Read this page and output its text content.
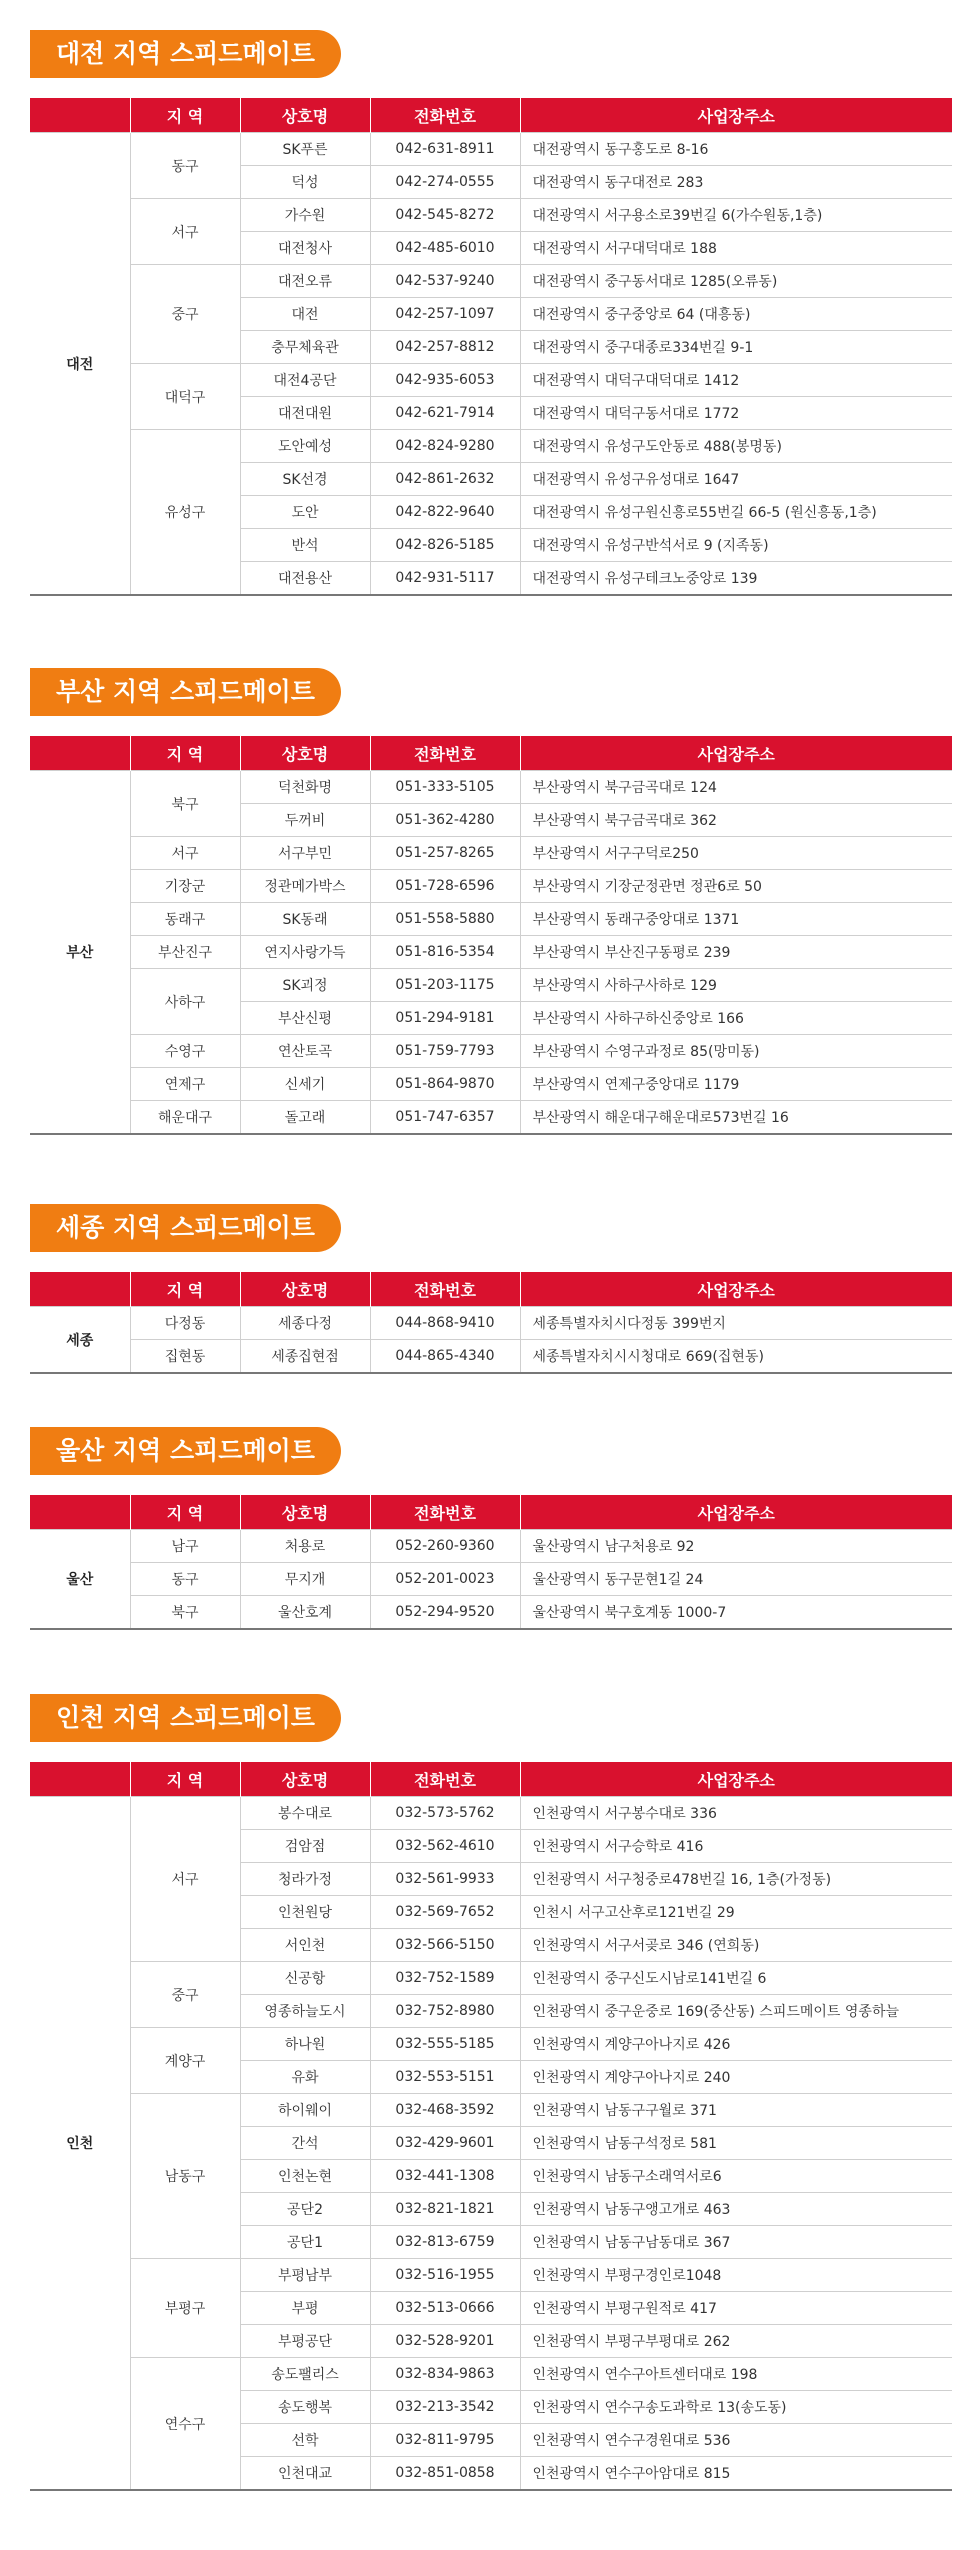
대전 지역 스피드메이트
	지 역	상호명	전화번호	사업장주소
대전	동구	SK푸른	042-631-8911	대전광역시 동구홍도로 8-16
		덕성	042-274-0555	대전광역시 동구대전로 283
	서구	가수원	042-545-8272	대전광역시 서구용소로39번길 6(가수원동,1층)
		대전청사	042-485-6010	대전광역시 서구대덕대로 188
	중구	대전오류	042-537-9240	대전광역시 중구동서대로 1285(오류동)
		대전	042-257-1097	대전광역시 중구중앙로 64 (대흥동)
		충무체육관	042-257-8812	대전광역시 중구대종로334번길 9-1
	대덕구	대전4공단	042-935-6053	대전광역시 대덕구대덕대로 1412
		대전대원	042-621-7914	대전광역시 대덕구동서대로 1772
	유성구	도안예성	042-824-9280	대전광역시 유성구도안동로 488(봉명동)
		SK선경	042-861-2632	대전광역시 유성구유성대로 1647
		도안	042-822-9640	대전광역시 유성구원신흥로55번길 66-5 (원신흥동,1층)
		반석	042-826-5185	대전광역시 유성구반석서로 9 (지족동)
		대전용산	042-931-5117	대전광역시 유성구테크노중앙로 139
부산 지역 스피드메이트
	지 역	상호명	전화번호	사업장주소
부산	북구	덕천화명	051-333-5105	부산광역시 북구금곡대로 124
		두꺼비	051-362-4280	부산광역시 북구금곡대로 362
	서구	서구부민	051-257-8265	부산광역시 서구구덕로250
	기장군	정관메가박스	051-728-6596	부산광역시 기장군정관면 정관6로 50
	동래구	SK동래	051-558-5880	부산광역시 동래구중앙대로 1371
	부산진구	연지사랑가득	051-816-5354	부산광역시 부산진구동평로 239
	사하구	SK괴정	051-203-1175	부산광역시 사하구사하로 129
		부산신평	051-294-9181	부산광역시 사하구하신중앙로 166
	수영구	연산토곡	051-759-7793	부산광역시 수영구과정로 85(망미동)
	연제구	신세기	051-864-9870	부산광역시 연제구중앙대로 1179
	해운대구	돌고래	051-747-6357	부산광역시 해운대구해운대로573번길 16
세종 지역 스피드메이트
	지 역	상호명	전화번호	사업장주소
세종	다정동	세종다정	044-868-9410	세종특별자치시다정동 399번지
	집현동	세종집현점	044-865-4340	세종특별자치시시청대로 669(집현동)
울산 지역 스피드메이트
	지 역	상호명	전화번호	사업장주소
울산	남구	처용로	052-260-9360	울산광역시 남구처용로 92
	동구	무지개	052-201-0023	울산광역시 동구문현1길 24
	북구	울산호계	052-294-9520	울산광역시 북구호계동 1000-7
인천 지역 스피드메이트
	지 역	상호명	전화번호	사업장주소
인천	서구	봉수대로	032-573-5762	인천광역시 서구봉수대로 336
		검암점	032-562-4610	인천광역시 서구승학로 416
		청라가정	032-561-9933	인천광역시 서구청중로478번길 16, 1층(가정동)
		인천원당	032-569-7652	인천시 서구고산후로121번길 29
		서인천	032-566-5150	인천광역시 서구서곶로 346 (연희동)
	중구	신공항	032-752-1589	인천광역시 중구신도시남로141번길 6
		영종하늘도시	032-752-8980	인천광역시 중구운중로 169(중산동) 스피드메이트 영종하늘
	계양구	하나원	032-555-5185	인천광역시 계양구아나지로 426
		유화	032-553-5151	인천광역시 계양구아나지로 240
	남동구	하이웨이	032-468-3592	인천광역시 남동구구월로 371
		간석	032-429-9601	인천광역시 남동구석정로 581
		인천논현	032-441-1308	인천광역시 남동구소래역서로6
		공단2	032-821-1821	인천광역시 남동구앵고개로 463
		공단1	032-813-6759	인천광역시 남동구남동대로 367
	부평구	부평남부	032-516-1955	인천광역시 부평구경인로1048
		부평	032-513-0666	인천광역시 부평구원적로 417
		부평공단	032-528-9201	인천광역시 부평구부평대로 262
	연수구	송도팰리스	032-834-9863	인천광역시 연수구아트센터대로 198
		송도행복	032-213-3542	인천광역시 연수구송도과학로 13(송도동)
		선학	032-811-9795	인천광역시 연수구경원대로 536
		인천대교	032-851-0858	인천광역시 연수구아암대로 815
